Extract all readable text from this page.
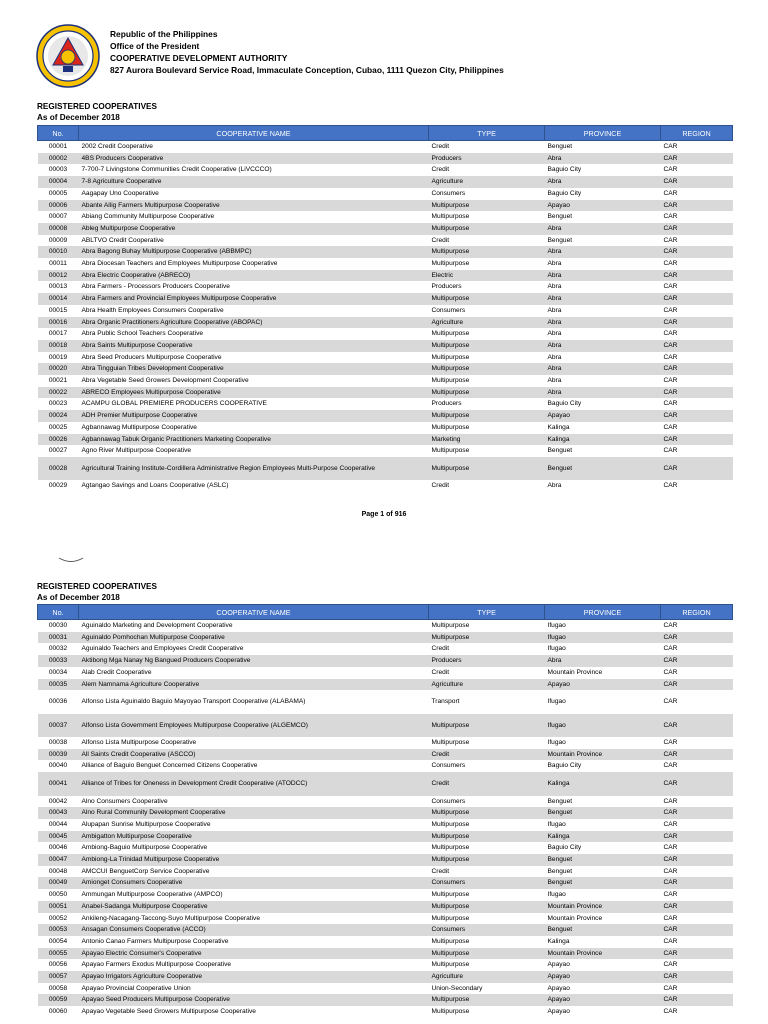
Republic of the Philippines
Office of the President
COOPERATIVE DEVELOPMENT AUTHORITY
827 Aurora Boulevard Service Road, Immaculate Conception, Cubao, 1111 Quezon City, Philippines
REGISTERED COOPERATIVES
As of December 2018
No.	COOPERATIVE NAME	TYPE	PROVINCE	REGION
00001	2002 Credit Cooperative	Credit	Benguet	CAR
00002	4BS Producers Cooperative	Producers	Abra	CAR
00003	7-700-7 Livingstone Communities Credit Cooperative (LiVCCCO)	Credit	Baguio City	CAR
00004	7-8 Agriculture Cooperative	Agriculture	Abra	CAR
00005	Aagapay Uno Cooperative	Consumers	Baguio City	CAR
00006	Abante Allig Farmers Multipurpose Cooperative	Multipurpose	Apayao	CAR
00007	Abiang Community Multipurpose Cooperative	Multipurpose	Benguet	CAR
00008	Ableg Multipurpose Cooperative	Multipurpose	Abra	CAR
00009	ABLTVO Credit Cooperative	Credit	Benguet	CAR
00010	Abra Bagong Buhay Multipurpose Cooperative (ABBMPC)	Multipurpose	Abra	CAR
00011	Abra Diocesan Teachers and Employees Multipurpose Cooperative	Multipurpose	Abra	CAR
00012	Abra Electric Cooperative (ABRECO)	Electric	Abra	CAR
00013	Abra Farmers - Processors Producers Cooperative	Producers	Abra	CAR
00014	Abra Farmers and Provincial Employees Multipurpose Cooperative	Multipurpose	Abra	CAR
00015	Abra Health Employees Consumers Cooperative	Consumers	Abra	CAR
00016	Abra Organic Practitioners Agriculture Cooperative (ABOPAC)	Agriculture	Abra	CAR
00017	Abra Public School Teachers Cooperative	Multipurpose	Abra	CAR
00018	Abra Saints Multipurpose Cooperative	Multipurpose	Abra	CAR
00019	Abra Seed Producers Multipurpose Cooperative	Multipurpose	Abra	CAR
00020	Abra Tingguian Tribes Development Cooperative	Multipurpose	Abra	CAR
00021	Abra Vegetable Seed Growers Development Cooperative	Multipurpose	Abra	CAR
00022	ABRECO Employees Multipurpose Cooperative	Multipurpose	Abra	CAR
00023	ACAMPU GLOBAL PREMIERE PRODUCERS COOPERATIVE	Producers	Baguio City	CAR
00024	ADH Premier Multipurpose Cooperative	Multipurpose	Apayao	CAR
00025	Agbannawag Multipurpose Cooperative	Multipurpose	Kalinga	CAR
00026	Agbannawag Tabuk Organic Practitioners Marketing Cooperative	Marketing	Kalinga	CAR
00027	Agno River Multipurpose Cooperative	Multipurpose	Benguet	CAR
00028	Agricultural Training Institute-Cordillera Administrative Region Employees Multi-Purpose Cooperative	Multipurpose	Benguet	CAR
00029	Agtangao Savings and Loans Cooperative (ASLC)	Credit	Abra	CAR
Page 1 of 916
REGISTERED COOPERATIVES
As of December 2018
No.	COOPERATIVE NAME	TYPE	PROVINCE	REGION
00030	Aguinaldo Marketing and Development Cooperative	Multipurpose	Ifugao	CAR
00031	Aguinaldo Pomhochan Multipurpose Cooperative	Multipurpose	Ifugao	CAR
00032	Aguinaldo Teachers and Employees Credit Cooperative	Credit	Ifugao	CAR
00033	Aktibong Mga Nanay Ng Bangued Producers Cooperative	Producers	Abra	CAR
00034	Alab Credit Cooperative	Credit	Mountain Province	CAR
00035	Alem Namnama Agriculture Cooperative	Agriculture	Apayao	CAR
00036	Alfonso Lista Aguinaldo Baguio Mayoyao Transport Cooperative (ALABAMA)	Transport	Ifugao	CAR
00037	Alfonso Lista Government Employees Multipurpose Cooperative (ALGEMCO)	Multipurpose	Ifugao	CAR
00038	Alfonso Lista Multipurpose Cooperative	Multipurpose	Ifugao	CAR
00039	All Saints Credit Cooperative (ASCCO)	Credit	Mountain Province	CAR
00040	Alliance of Baguio Benguet Concerned Citizens Cooperative	Consumers	Baguio City	CAR
00041	Alliance of Tribes for Oneness in Development Credit Cooperative (ATODCC)	Credit	Kalinga	CAR
00042	Alno Consumers Cooperative	Consumers	Benguet	CAR
00043	Alno Rural Community Development Cooperative	Multipurpose	Benguet	CAR
00044	Alupapan Sunrise Multipurpose Cooperative	Multipurpose	Ifugao	CAR
00045	Ambigatton Multipurpose Cooperative	Multipurpose	Kalinga	CAR
00046	Ambiong-Baguio Multipurpose Cooperative	Multipurpose	Baguio City	CAR
00047	Ambiong-La Trinidad Multipurpose Cooperative	Multipurpose	Benguet	CAR
00048	AMCCUI BenguetCorp Service Cooperative	Credit	Benguet	CAR
00049	Amionget Consumers Cooperative	Consumers	Benguet	CAR
00050	Ammungan Multipurpose Cooperative (AMPCO)	Multipurpose	Ifugao	CAR
00051	Anabel-Sadanga Multipurpose Cooperative	Multipurpose	Mountain Province	CAR
00052	Ankileng-Nacagang-Taccong-Suyo Multipurpose Cooperative	Multipurpose	Mountain Province	CAR
00053	Ansagan Consumers Cooperative (ACCO)	Consumers	Benguet	CAR
00054	Antonio Canao Farmers Multipurpose Cooperative	Multipurpose	Kalinga	CAR
00055	Apayao Electric Consumer's Cooperative	Multipurpose	Mountain Province	CAR
00056	Apayao Farmers Exodus Multipurpose Cooperative	Multipurpose	Apayao	CAR
00057	Apayao Irrigators Agriculture Cooperative	Agriculture	Apayao	CAR
00058	Apayao Provincial Cooperative Union	Union-Secondary	Apayao	CAR
00059	Apayao Seed Producers Multipurpose Cooperative	Multipurpose	Apayao	CAR
00060	Apayao Vegetable Seed Growers Multipurpose Cooperative	Multipurpose	Apayao	CAR
